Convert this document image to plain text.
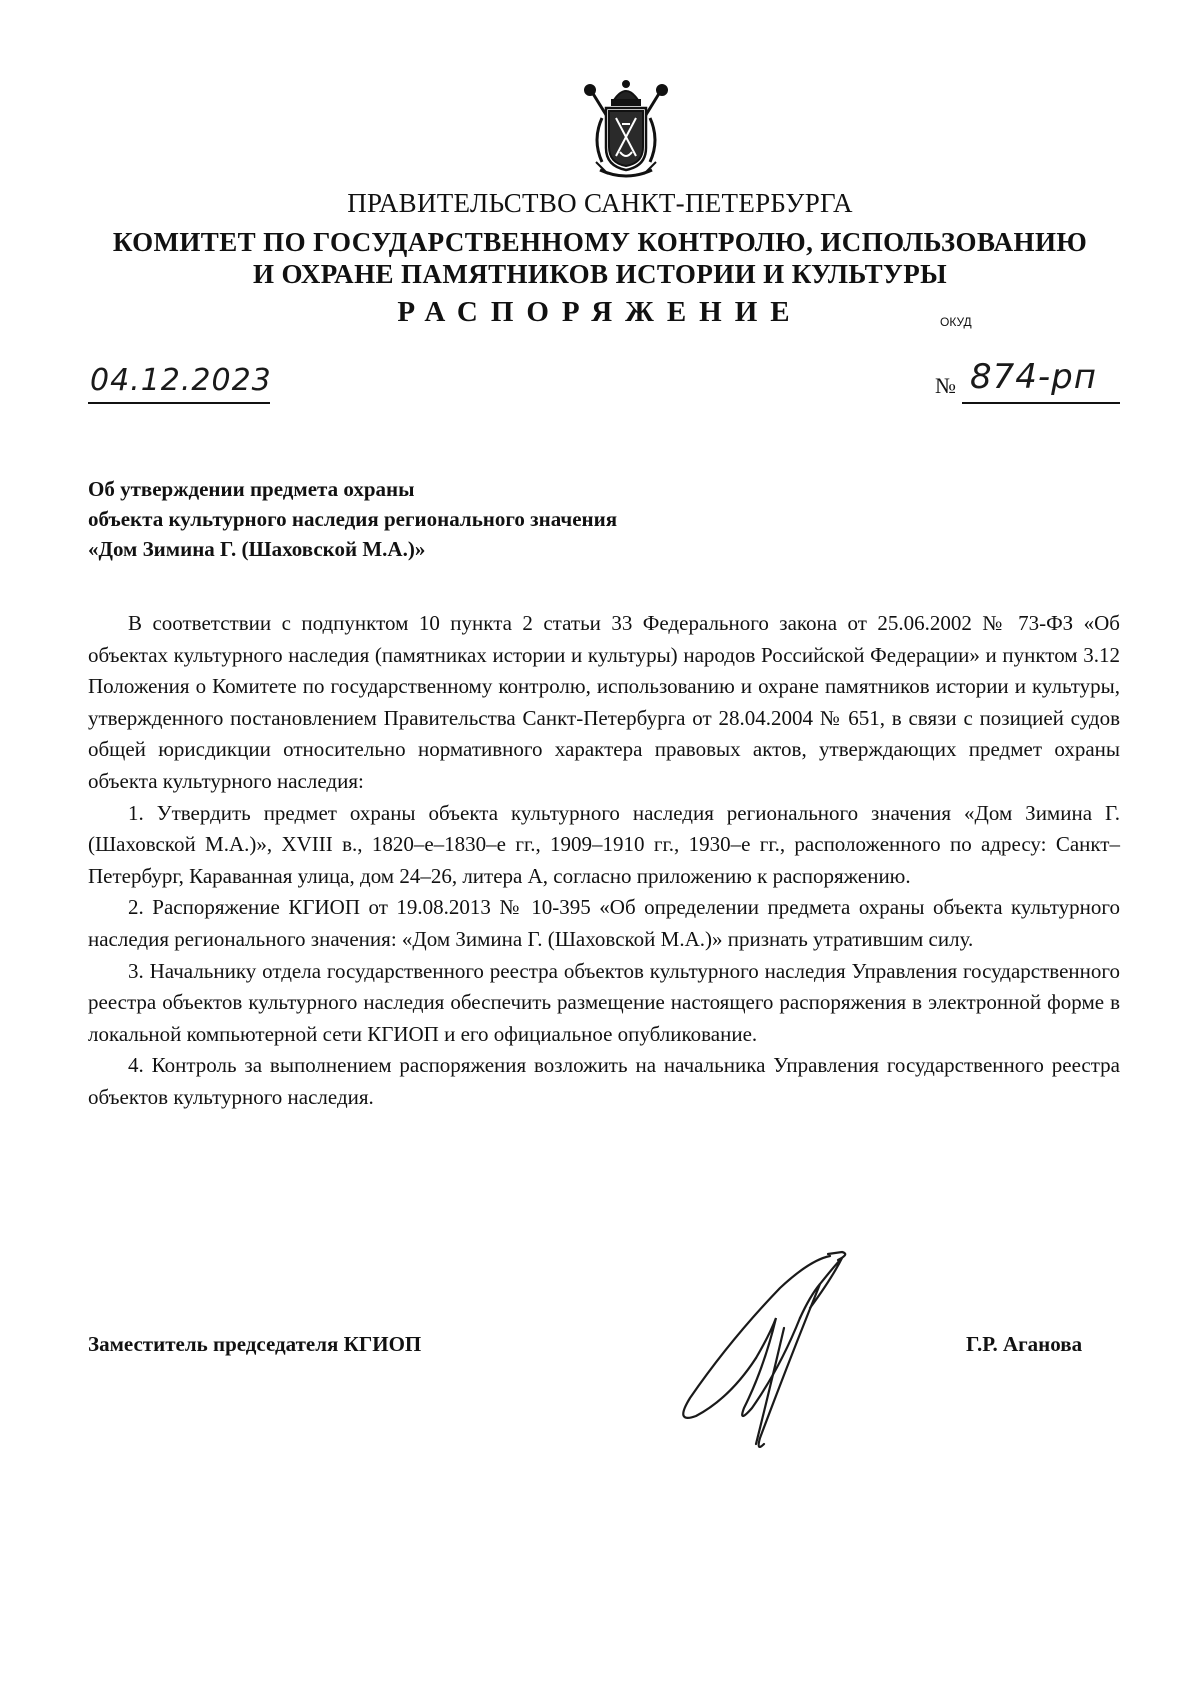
ПРАВИТЕЛЬСТВО САНКТ-ПЕТЕРБУРГА
КОМИТЕТ ПО ГОСУДАРСТВЕННОМУ КОНТРОЛЮ, ИСПОЛЬЗОВАНИЮ
И ОХРАНЕ ПАМЯТНИКОВ ИСТОРИИ И КУЛЬТУРЫ
РАСПОРЯЖЕНИЕ	ОКУД
04.12.2023	№ 874-рп
Об утверждении предмета охраны
объекта культурного наследия регионального значения
«Дом Зимина Г. (Шаховской М.А.)»

В соответствии с подпунктом 10 пункта 2 статьи 33 Федерального закона от 25.06.2002 № 73-ФЗ «Об объектах культурного наследия (памятниках истории и культуры) народов Российской Федерации» и пунктом 3.12 Положения о Комитете по государственному контролю, использованию и охране памятников истории и культуры, утвержденного постановлением Правительства Санкт-Петербурга от 28.04.2004 № 651, в связи с позицией судов общей юрисдикции относительно нормативного характера правовых актов, утверждающих предмет охраны объекта культурного наследия:

1. Утвердить предмет охраны объекта культурного наследия регионального значения «Дом Зимина Г. (Шаховской М.А.)», XVIII в., 1820–е–1830–е гг., 1909–1910 гг., 1930–е гг., расположенного по адресу: Санкт–Петербург, Караванная улица, дом 24–26, литера А, согласно приложению к распоряжению.

2. Распоряжение КГИОП от 19.08.2013 № 10-395 «Об определении предмета охраны объекта культурного наследия регионального значения: «Дом Зимина Г. (Шаховской М.А.)» признать утратившим силу.

3. Начальнику отдела государственного реестра объектов культурного наследия Управления государственного реестра объектов культурного наследия обеспечить размещение настоящего распоряжения в электронной форме в локальной компьютерной сети КГИОП и его официальное опубликование.

4. Контроль за выполнением распоряжения возложить на начальника Управления государственного реестра объектов культурного наследия.

Заместитель председателя КГИОП	Г.Р. Аганова
